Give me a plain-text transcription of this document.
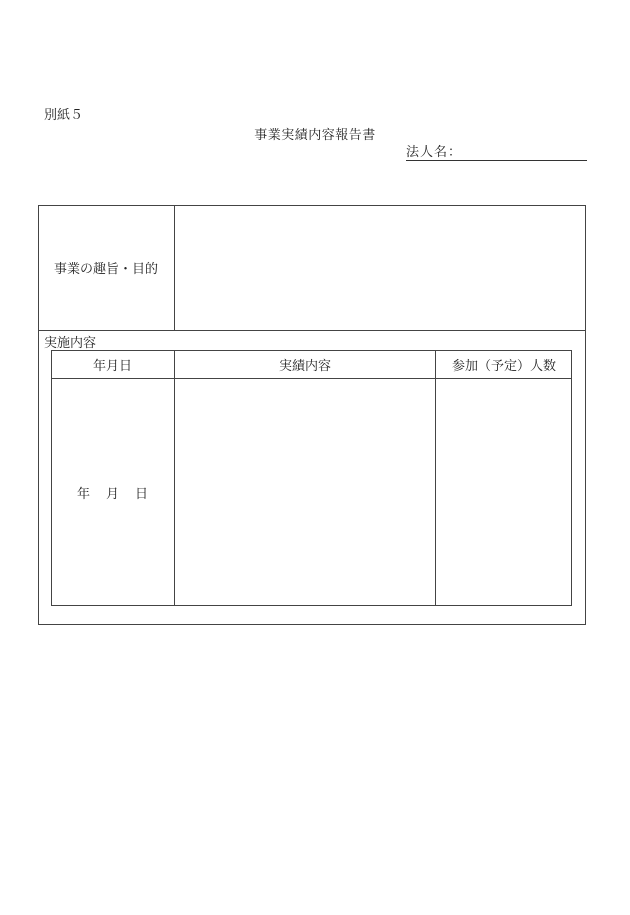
別紙５
事業実績内容報告書
法人名：
事業の趣旨・目的
実施内容
年月日	実績内容	参加（予定）人数
年 月 日
